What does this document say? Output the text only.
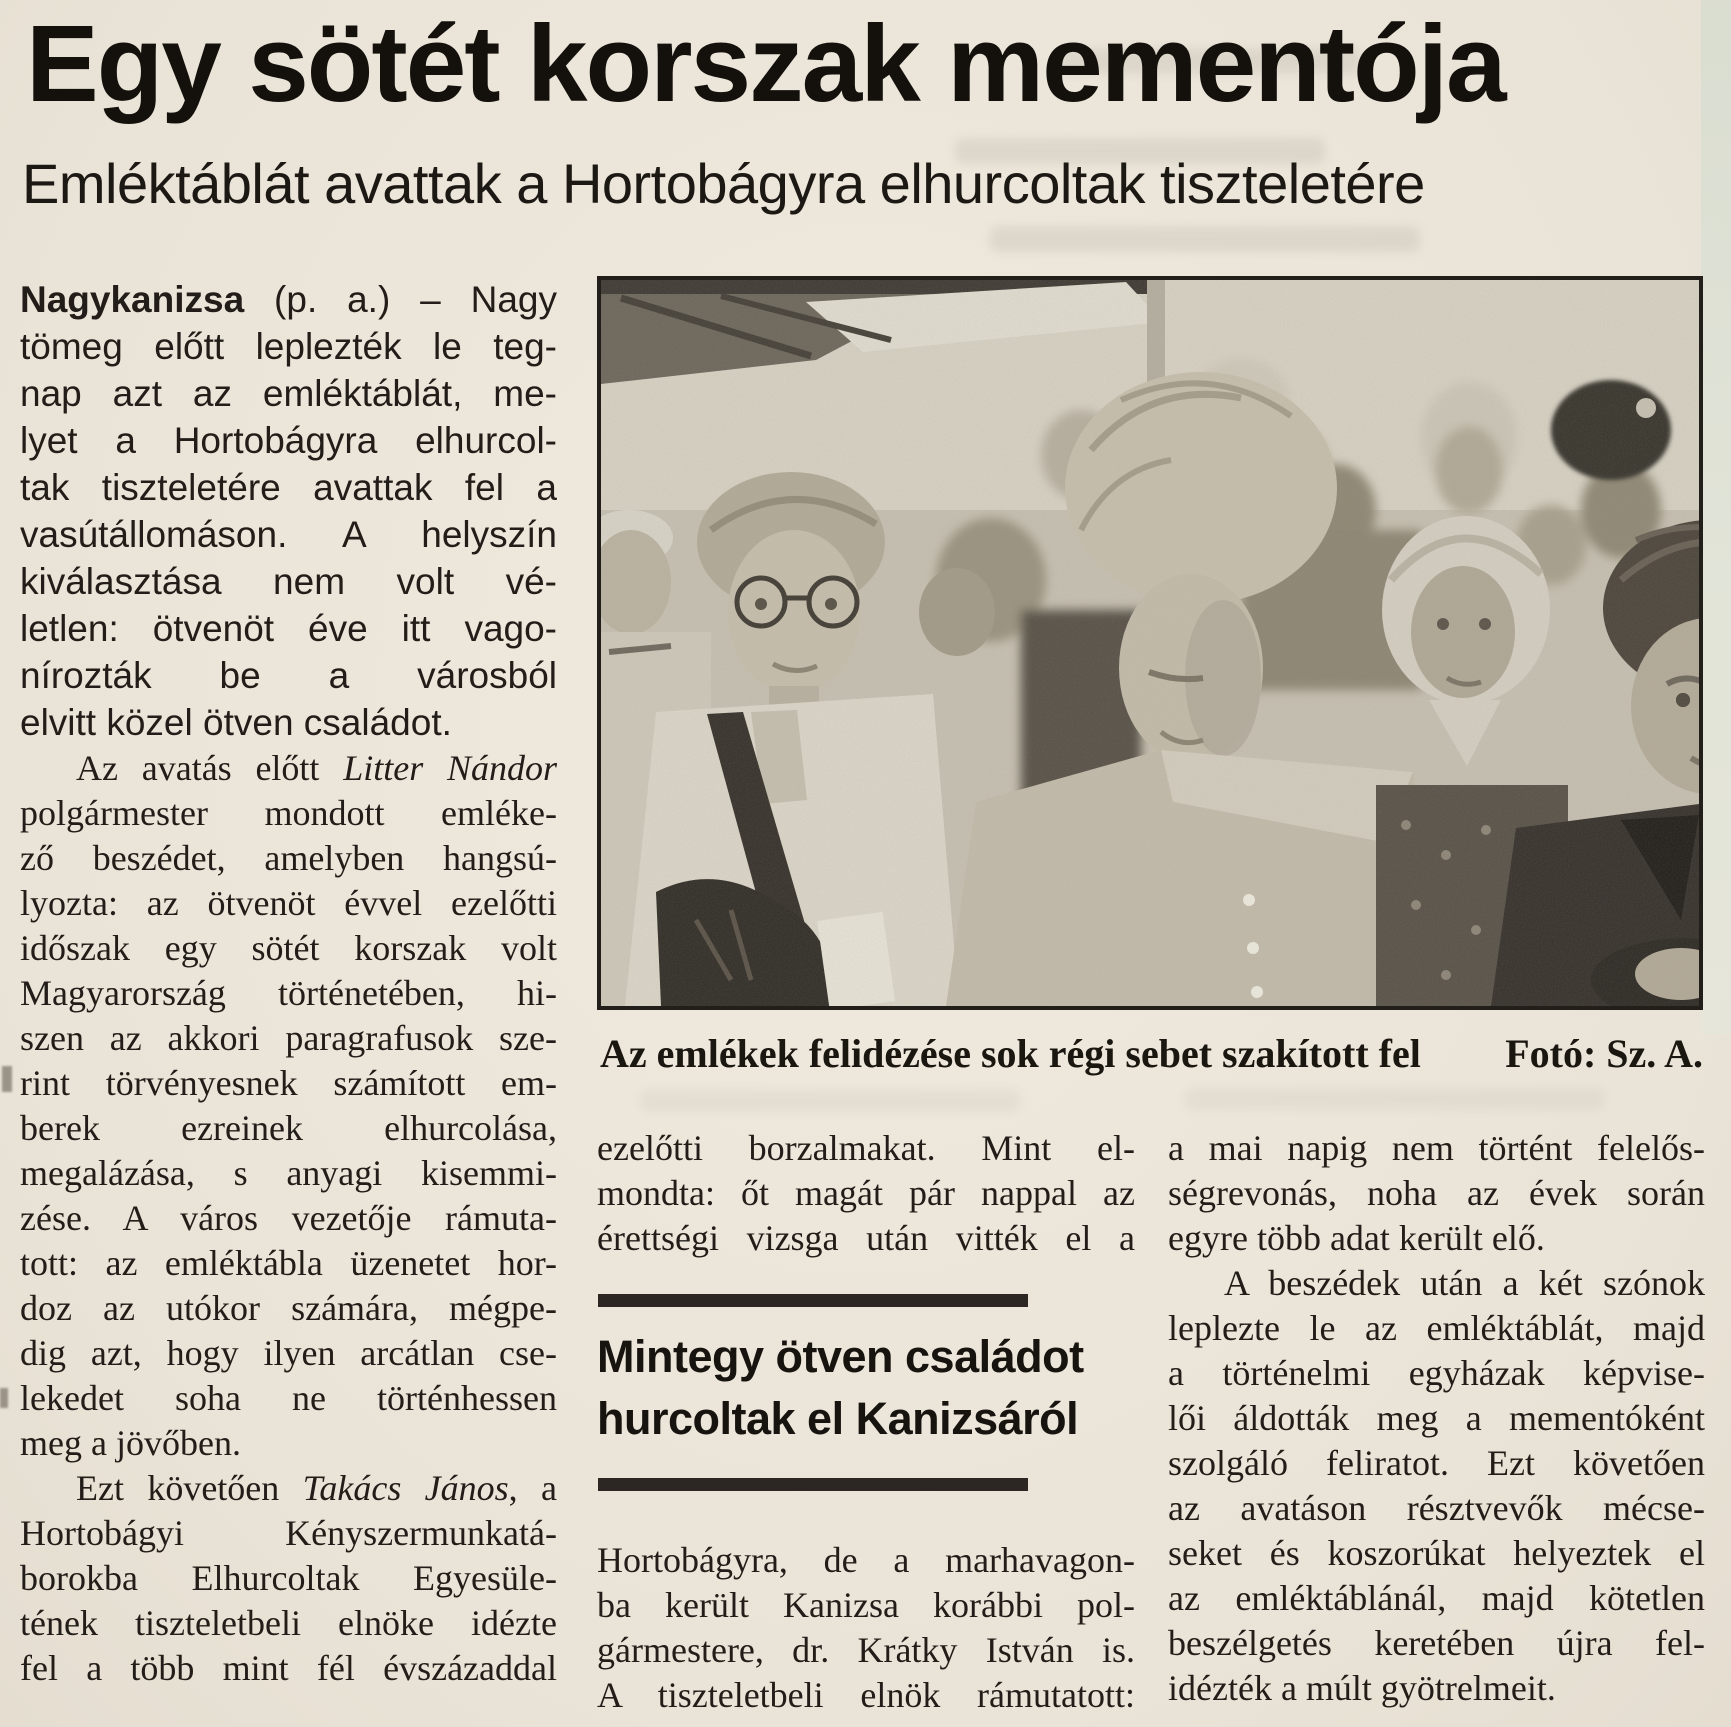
Egy sötét korszak mementója
Emléktáblát avattak a Hortobágyra elhurcoltak tiszteletére
Nagykanizsa (p. a.) – Nagy
tömeg előtt leplezték le teg-
nap azt az emléktáblát, me-
lyet a Hortobágyra elhurcol-
tak tiszteletére avattak fel a
vasútállomáson. A helyszín
kiválasztása nem volt vé-
letlen: ötvenöt éve itt vago-
nírozták be a városból
elvitt közel ötven családot.
Az avatás előtt Litter Nándor
polgármester mondott emléke-
ző beszédet, amelyben hangsú-
lyozta: az ötvenöt évvel ezelőtti
időszak egy sötét korszak volt
Magyarország történetében, hi-
szen az akkori paragrafusok sze-
rint törvényesnek számított em-
berek ezreinek elhurcolása,
megalázása, s anyagi kisemmi-
zése. A város vezetője rámuta-
tott: az emléktábla üzenetet hor-
doz az utókor számára, mégpe-
dig azt, hogy ilyen arcátlan cse-
lekedet soha ne történhessen
meg a jövőben.
Ezt követően Takács János, a
Hortobágyi Kényszermunkatá-
borokba Elhurcoltak Egyesüle-
tének tiszteletbeli elnöke idézte
fel a több mint fél évszázaddal
Az emlékek felidézése sok régi sebet szakított fel Fotó: Sz. A.
ezelőtti borzalmakat. Mint el-
mondta: őt magát pár nappal az
érettségi vizsga után vitték el a
Mintegy ötven családot
hurcoltak el Kanizsáról
Hortobágyra, de a marhavagon-
ba került Kanizsa korábbi pol-
gármestere, dr. Krátky István is.
A tiszteletbeli elnök rámutatott:
a mai napig nem történt felelős-
ségrevonás, noha az évek során
egyre több adat került elő.
A beszédek után a két szónok
leplezte le az emléktáblát, majd
a történelmi egyházak képvise-
lői áldották meg a mementóként
szolgáló feliratot. Ezt követően
az avatáson résztvevők mécse-
seket és koszorúkat helyeztek el
az emléktáblánál, majd kötetlen
beszélgetés keretében újra fel-
idézték a múlt gyötrelmeit.
